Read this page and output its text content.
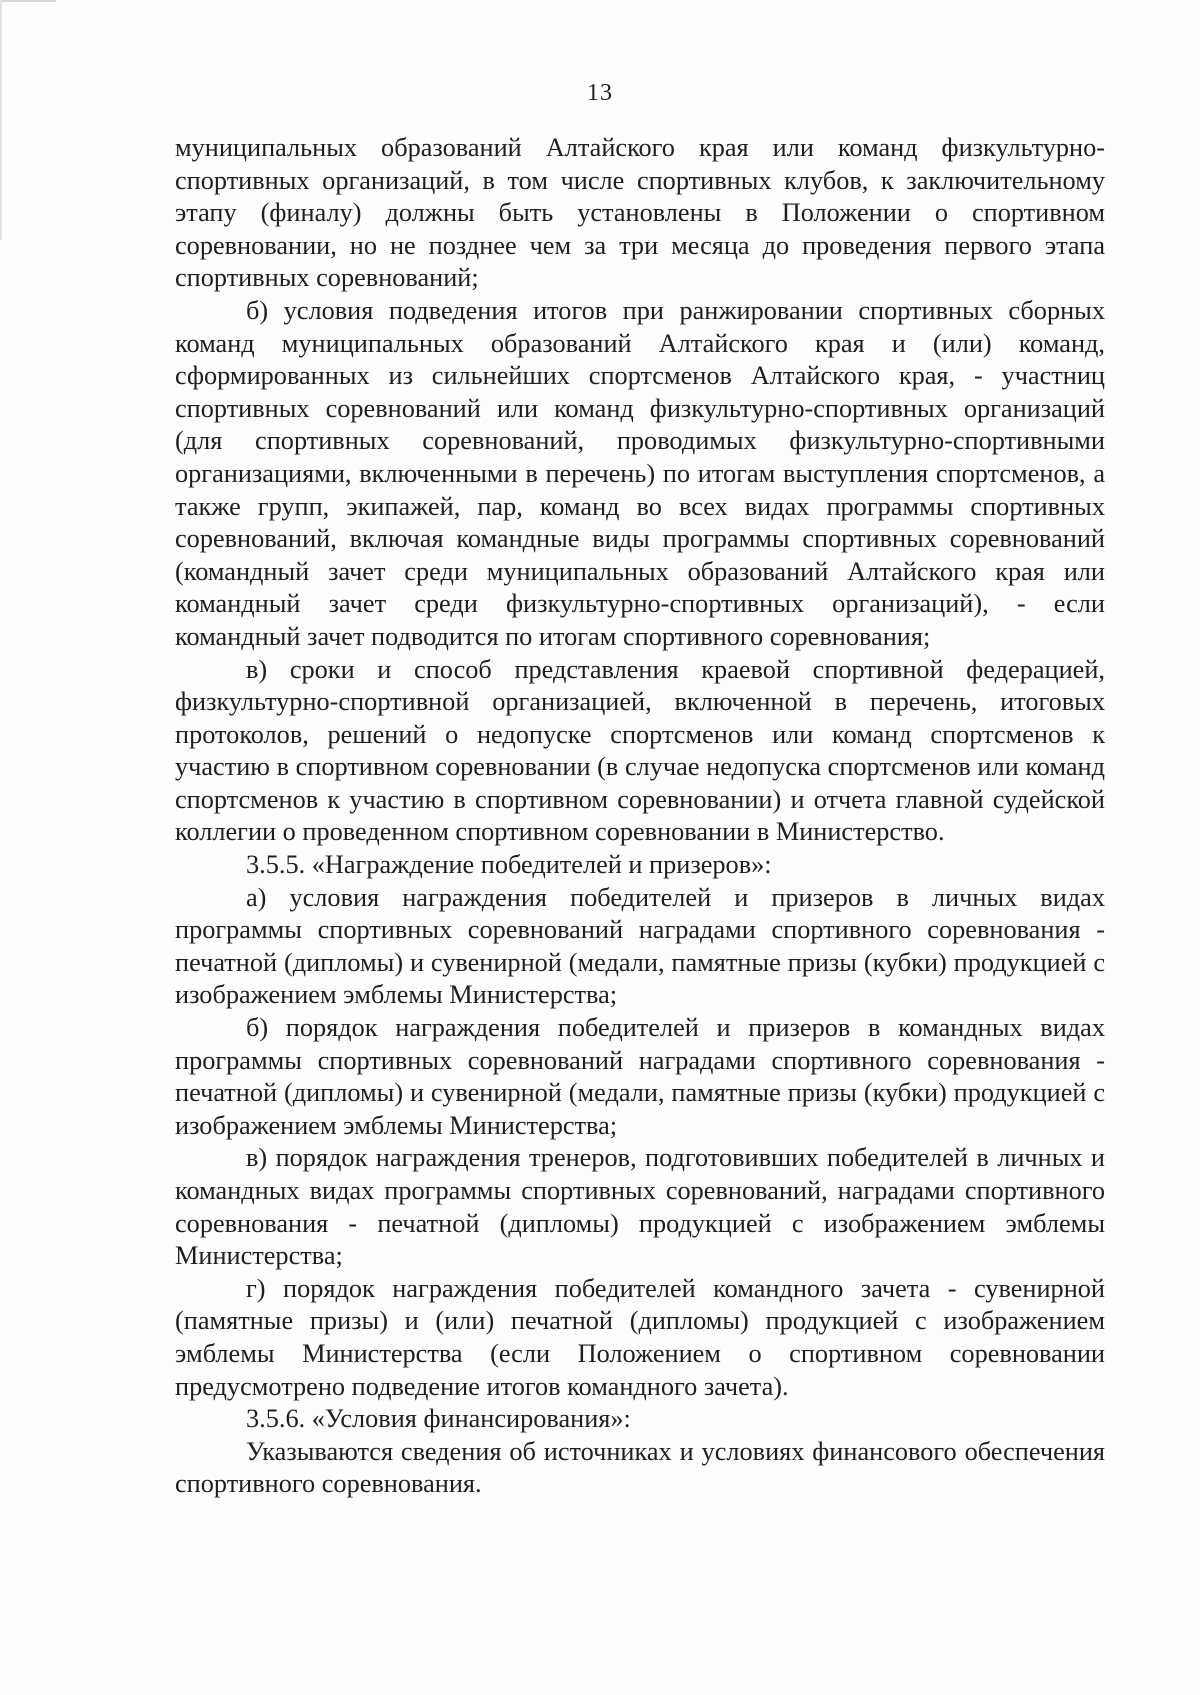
13

муниципальных образований Алтайского края или команд физкультурно-спортивных организаций, в том числе спортивных клубов, к заключительному этапу (финалу) должны быть установлены в Положении о спортивном соревновании, но не позднее чем за три месяца до проведения первого этапа спортивных соревнований;

б) условия подведения итогов при ранжировании спортивных сборных команд муниципальных образований Алтайского края и (или) команд, сформированных из сильнейших спортсменов Алтайского края, - участниц спортивных соревнований или команд физкультурно-спортивных организаций (для спортивных соревнований, проводимых физкультурно-спортивными организациями, включенными в перечень) по итогам выступления спортсменов, а также групп, экипажей, пар, команд во всех видах программы спортивных соревнований, включая командные виды программы спортивных соревнований (командный зачет среди муниципальных образований Алтайского края или командный зачет среди физкультурно-спортивных организаций), - если командный зачет подводится по итогам спортивного соревнования;

в) сроки и способ представления краевой спортивной федерацией, физкультурно-спортивной организацией, включенной в перечень, итоговых протоколов, решений о недопуске спортсменов или команд спортсменов к участию в спортивном соревновании (в случае недопуска спортсменов или команд спортсменов к участию в спортивном соревновании) и отчета главной судейской коллегии о проведенном спортивном соревновании в Министерство.

3.5.5. «Награждение победителей и призеров»:

а) условия награждения победителей и призеров в личных видах программы спортивных соревнований наградами спортивного соревнования - печатной (дипломы) и сувенирной (медали, памятные призы (кубки) продукцией с изображением эмблемы Министерства;

б) порядок награждения победителей и призеров в командных видах программы спортивных соревнований наградами спортивного соревнования - печатной (дипломы) и сувенирной (медали, памятные призы (кубки) продукцией с изображением эмблемы Министерства;

в) порядок награждения тренеров, подготовивших победителей в личных и командных видах программы спортивных соревнований, наградами спортивного соревнования - печатной (дипломы) продукцией с изображением эмблемы Министерства;

г) порядок награждения победителей командного зачета - сувенирной (памятные призы) и (или) печатной (дипломы) продукцией с изображением эмблемы Министерства (если Положением о спортивном соревновании предусмотрено подведение итогов командного зачета).

3.5.6. «Условия финансирования»:

Указываются сведения об источниках и условиях финансового обеспечения спортивного соревнования.
